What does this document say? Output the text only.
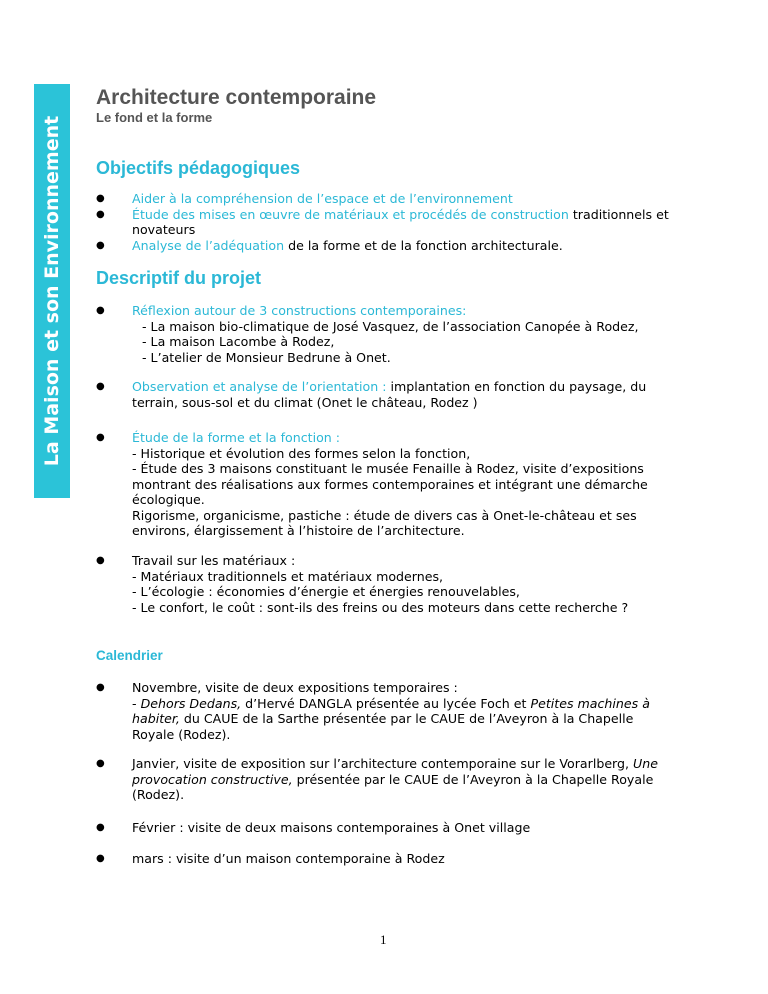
La Maison et son Environnement
Architecture contemporaine
Le fond et la forme
Objectifs pédagogiques
● Aider à la compréhension de l’espace et de l’environnement
● Étude des mises en œuvre de matériaux et procédés de construction traditionnels et novateurs
● Analyse de l’adéquation de la forme et de la fonction architecturale.
Descriptif du projet
● Réflexion autour de 3 constructions contemporaines:
- La maison bio-climatique de José Vasquez, de l’association Canopée à Rodez,
- La maison Lacombe à Rodez,
- L’atelier de Monsieur Bedrune à Onet.
● Observation et analyse de l’orientation : implantation en fonction du paysage, du terrain, sous-sol et du climat (Onet le château, Rodez )
● Étude de la forme et la fonction :
- Historique et évolution des formes selon la fonction,
- Étude des 3 maisons constituant le musée Fenaille à Rodez, visite d’expositions montrant des réalisations aux formes contemporaines et intégrant une démarche écologique.
Rigorisme, organicisme, pastiche : étude de divers cas à Onet-le-château et ses environs, élargissement à l’histoire de l’architecture.
● Travail sur les matériaux :
- Matériaux traditionnels et matériaux modernes,
- L’écologie : économies d’énergie et énergies renouvelables,
- Le confort, le coût : sont-ils des freins ou des moteurs dans cette recherche ?
Calendrier
● Novembre, visite de deux expositions temporaires :
- Dehors Dedans, d’Hervé DANGLA présentée au lycée Foch et Petites machines à habiter, du CAUE de la Sarthe présentée par le CAUE de l’Aveyron à la Chapelle Royale (Rodez).
● Janvier, visite de exposition sur l’architecture contemporaine sur le Vorarlberg, Une provocation constructive, présentée par le CAUE de l’Aveyron à la Chapelle Royale (Rodez).
● Février : visite de deux maisons contemporaines à Onet village
● mars : visite d’un maison contemporaine à Rodez
1
